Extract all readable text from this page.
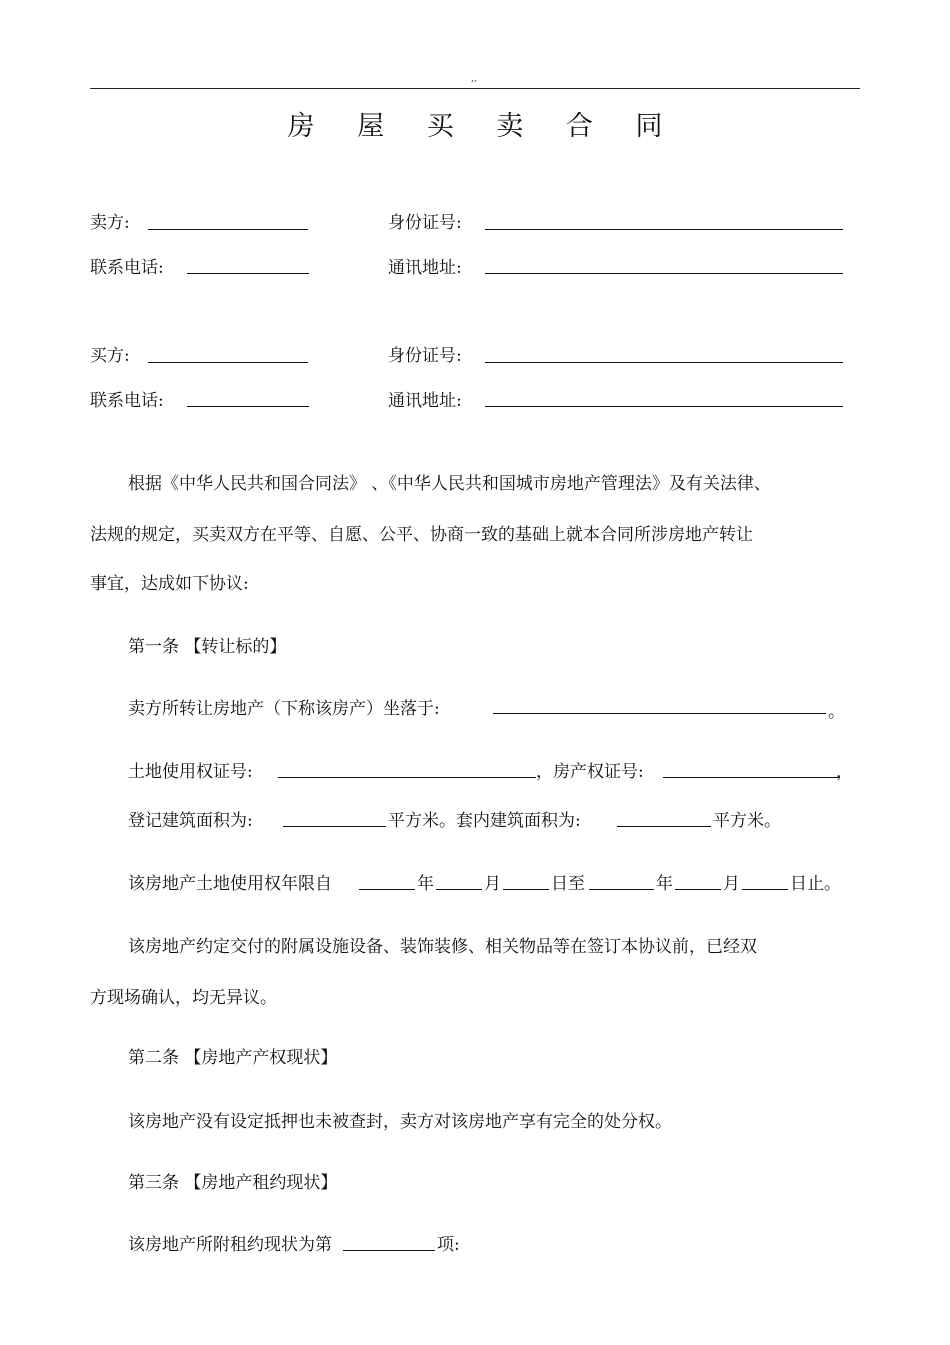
,,
房 屋 买 卖 合 同
卖方:	身份证号:
联系电话:	通讯地址:
买方:	身份证号:
联系电话:	通讯地址:
根据《中华人民共和国合同法》 、《中华人民共和国城市房地产管理法》及有关法律、
法规的规定，买卖双方在平等、自愿、公平、协商一致的基础上就本合同所涉房地产转让
事宜，达成如下协议:
第一条 【转让标的】
卖方所转让房地产（下称该房产）坐落于:	。
土地使用权证号:	，房产权证号:	，
登记建筑面积为:	平方米。套内建筑面积为:	平方米。
该房地产土地使用权年限自	年	月	日至	年	月	日止。
该房地产约定交付的附属设施设备、装饰装修、相关物品等在签订本协议前，已经双
方现场确认，均无异议。
第二条 【房地产产权现状】
该房地产没有设定抵押也未被查封，卖方对该房地产享有完全的处分权。
第三条 【房地产租约现状】
该房地产所附租约现状为第	项:
